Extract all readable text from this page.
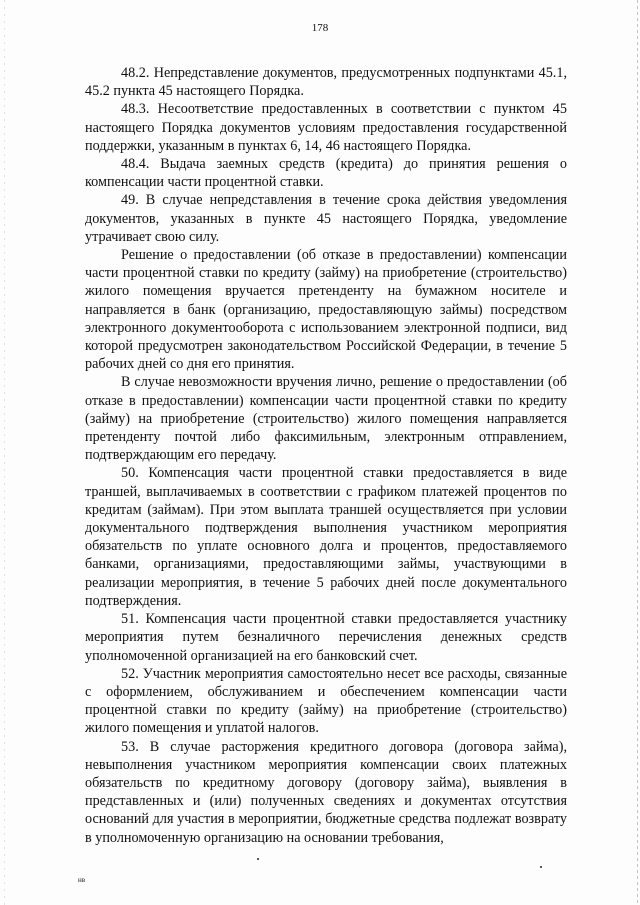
178

48.2. Непредставление документов, предусмотренных подпунктами 45.1, 45.2 пункта 45 настоящего Порядка.

48.3. Несоответствие предоставленных в соответствии с пунктом 45 настоящего Порядка документов условиям предоставления государственной поддержки, указанным в пунктах 6, 14, 46 настоящего Порядка.

48.4. Выдача заемных средств (кредита) до принятия решения о компенсации части процентной ставки.

49. В случае непредставления в течение срока действия уведомления документов, указанных в пункте 45 настоящего Порядка, уведомление утрачивает свою силу.

Решение о предоставлении (об отказе в предоставлении) компенсации части процентной ставки по кредиту (займу) на приобретение (строительство) жилого помещения вручается претенденту на бумажном носителе и направляется в банк (организацию, предоставляющую займы) посредством электронного документооборота с использованием электронной подписи, вид которой предусмотрен законодательством Российской Федерации, в течение 5 рабочих дней со дня его принятия.

В случае невозможности вручения лично, решение о предоставлении (об отказе в предоставлении) компенсации части процентной ставки по кредиту (займу) на приобретение (строительство) жилого помещения направляется претенденту почтой либо факсимильным, электронным отправлением, подтверждающим его передачу.

50. Компенсация части процентной ставки предоставляется в виде траншей, выплачиваемых в соответствии с графиком платежей процентов по кредитам (займам). При этом выплата траншей осуществляется при условии документального подтверждения выполнения участником мероприятия обязательств по уплате основного долга и процентов, предоставляемого банками, организациями, предоставляющими займы, участвующими в реализации мероприятия, в течение 5 рабочих дней после документального подтверждения.

51. Компенсация части процентной ставки предоставляется участнику мероприятия путем безналичного перечисления денежных средств уполномоченной организацией на его банковский счет.

52. Участник мероприятия самостоятельно несет все расходы, связанные с оформлением, обслуживанием и обеспечением компенсации части процентной ставки по кредиту (займу) на приобретение (строительство) жилого помещения и уплатой налогов.

53. В случае расторжения кредитного договора (договора займа), невыполнения участником мероприятия компенсации своих платежных обязательств по кредитному договору (договору займа), выявления в представленных и (или) полученных сведениях и документах отсутствия оснований для участия в мероприятии, бюджетные средства подлежат возврату в уполномоченную организацию на основании требования,

нв
